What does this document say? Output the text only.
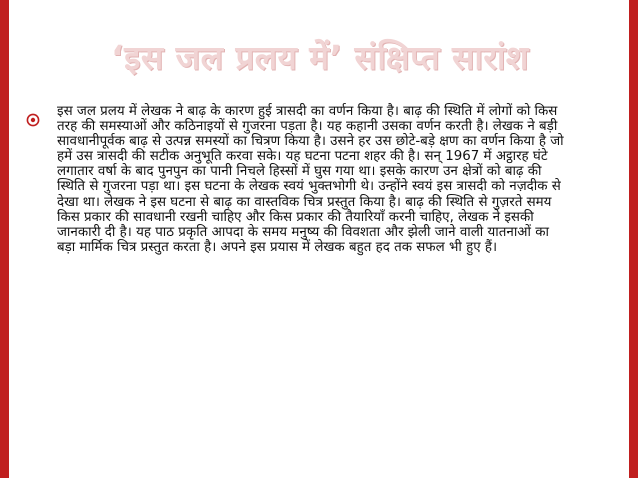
‘इस जल प्रलय में’ संक्षिप्त सारांश

इस जल प्रलय में लेखक ने बाढ़ के कारण हुई त्रासदी का वर्णन किया है। बाढ़ की स्थिति में लोगों को किस तरह की समस्याओं और कठिनाइयों से गुजरना पड़ता है। यह कहानी उसका वर्णन करती है। लेखक ने बड़ी सावधानीपूर्वक बाढ़ से उत्पन्न समस्यों का चित्रण किया है। उसने हर उस छोटे-बड़े क्षण का वर्णन किया है जो हमें उस त्रासदी की सटीक अनुभूति करवा सके। यह घटना पटना शहर की है। सन् 1967 में अट्ठारह घंटे लगातार वर्षा के बाद पुनपुन का पानी निचले हिस्सों में घुस गया था। इसके कारण उन क्षेत्रों को बाढ़ की स्थिति से गुजरना पड़ा था। इस घटना के लेखक स्वयं भुक्तभोगी थे। उन्होंने स्वयं इस त्रासदी को नज़दीक से देखा था। लेखक ने इस घटना से बाढ़ का वास्तविक चित्र प्रस्तुत किया है। बाढ़ की स्थिति से गुज़रते समय किस प्रकार की सावधानी रखनी चाहिए और किस प्रकार की तैयारियाँ करनी चाहिए, लेखक ने इसकी जानकारी दी है। यह पाठ प्रकृति आपदा के समय मनुष्य की विवशता और झेली जाने वाली यातनाओं का बड़ा मार्मिक चित्र प्रस्तुत करता है। अपने इस प्रयास में लेखक बहुत हद तक सफल भी हुए हैं।
